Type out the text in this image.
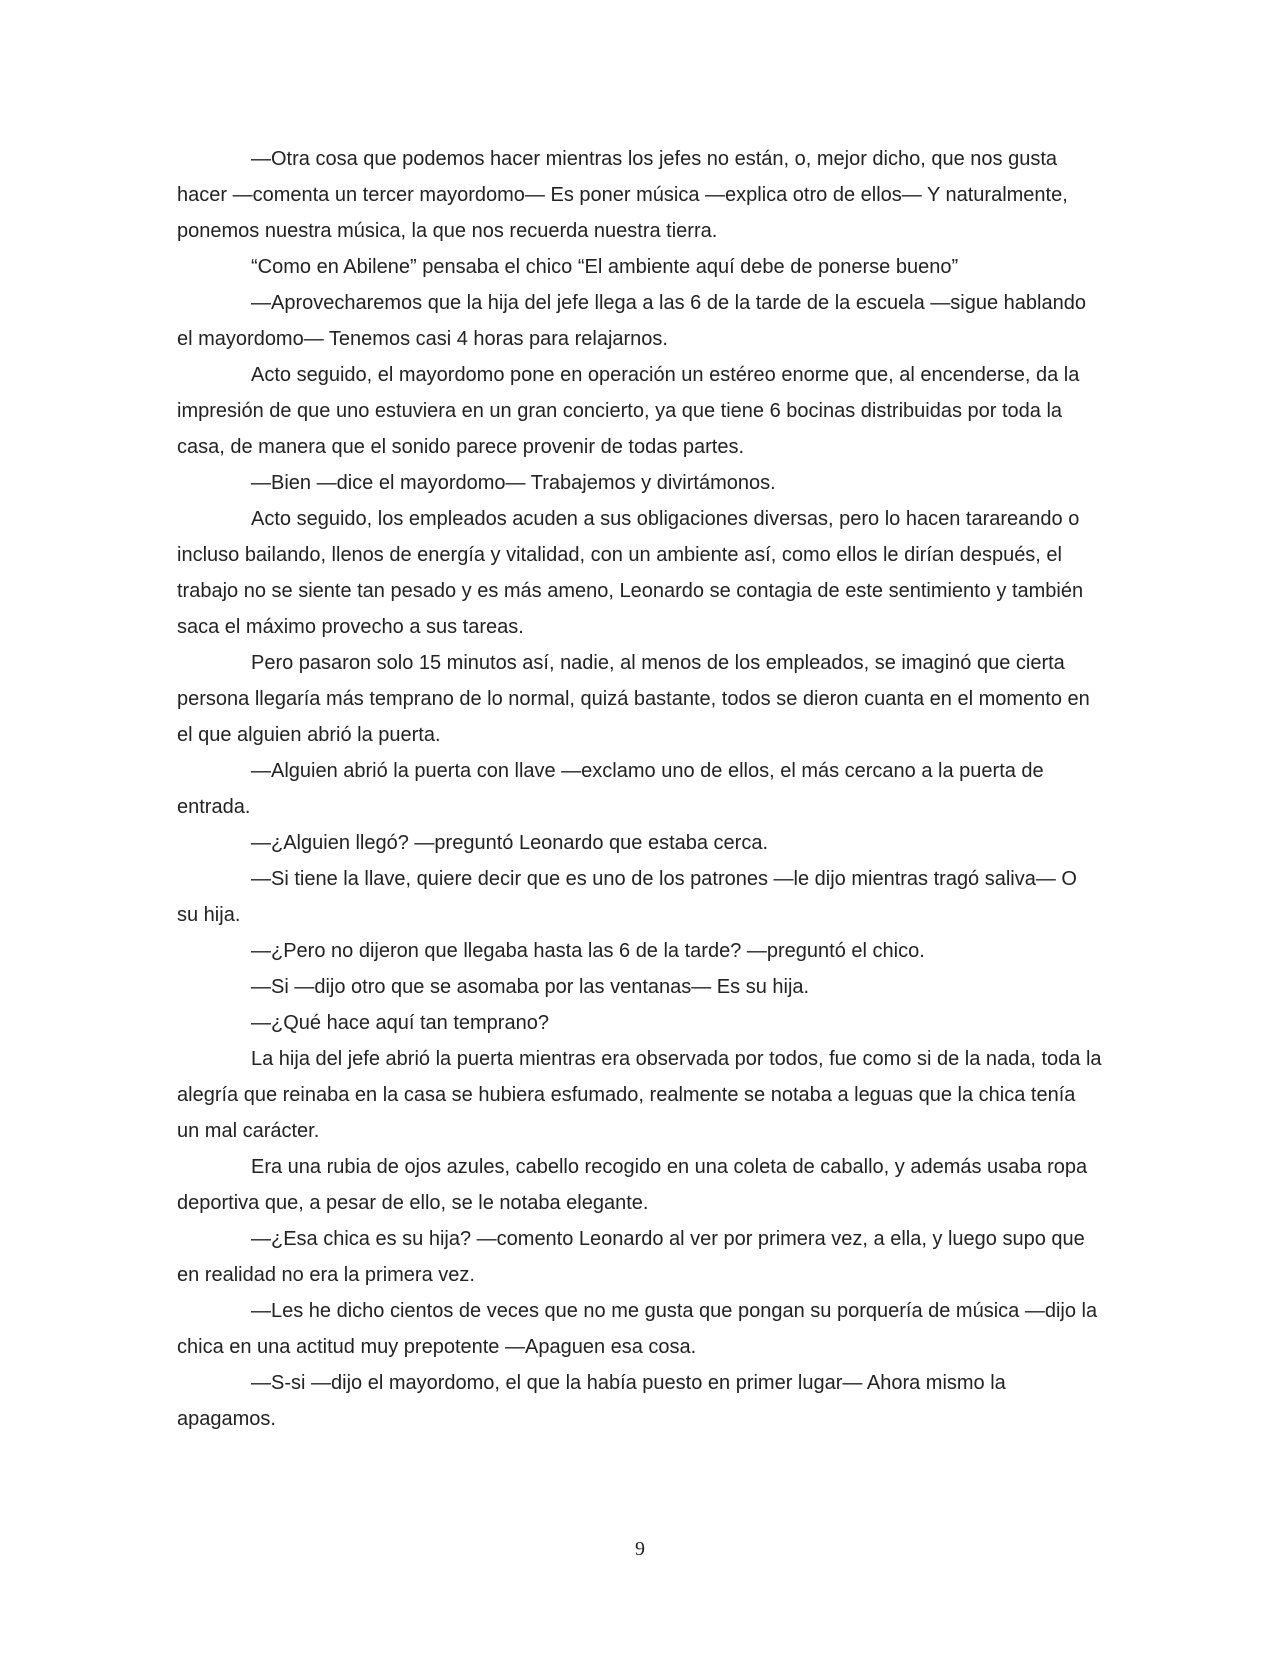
—Otra cosa que podemos hacer mientras los jefes no están, o, mejor dicho, que nos gusta hacer —comenta un tercer mayordomo— Es poner música —explica otro de ellos— Y naturalmente, ponemos nuestra música, la que nos recuerda nuestra tierra.

“Como en Abilene” pensaba el chico “El ambiente aquí debe de ponerse bueno”

—Aprovecharemos que la hija del jefe llega a las 6 de la tarde de la escuela —sigue hablando el mayordomo— Tenemos casi 4 horas para relajarnos.

Acto seguido, el mayordomo pone en operación un estéreo enorme que, al encenderse, da la impresión de que uno estuviera en un gran concierto, ya que tiene 6 bocinas distribuidas por toda la casa, de manera que el sonido parece provenir de todas partes.

—Bien —dice el mayordomo— Trabajemos y divirtámonos.

Acto seguido, los empleados acuden a sus obligaciones diversas, pero lo hacen tarareando o incluso bailando, llenos de energía y vitalidad, con un ambiente así, como ellos le dirían después, el trabajo no se siente tan pesado y es más ameno, Leonardo se contagia de este sentimiento y también saca el máximo provecho a sus tareas.

Pero pasaron solo 15 minutos así, nadie, al menos de los empleados, se imaginó que cierta persona llegaría más temprano de lo normal, quizá bastante, todos se dieron cuanta en el momento en el que alguien abrió la puerta.

—Alguien abrió la puerta con llave —exclamo uno de ellos, el más cercano a la puerta de entrada.

—¿Alguien llegó? —preguntó Leonardo que estaba cerca.

—Si tiene la llave, quiere decir que es uno de los patrones —le dijo mientras tragó saliva— O su hija.

—¿Pero no dijeron que llegaba hasta las 6 de la tarde? —preguntó el chico.

—Si —dijo otro que se asomaba por las ventanas— Es su hija.

—¿Qué hace aquí tan temprano?

La hija del jefe abrió la puerta mientras era observada por todos, fue como si de la nada, toda la alegría que reinaba en la casa se hubiera esfumado, realmente se notaba a leguas que la chica tenía un mal carácter.

Era una rubia de ojos azules, cabello recogido en una coleta de caballo, y además usaba ropa deportiva que, a pesar de ello, se le notaba elegante.

—¿Esa chica es su hija? —comento Leonardo al ver por primera vez, a ella, y luego supo que en realidad no era la primera vez.

—Les he dicho cientos de veces que no me gusta que pongan su porquería de música —dijo la chica en una actitud muy prepotente —Apaguen esa cosa.

—S-si —dijo el mayordomo, el que la había puesto en primer lugar— Ahora mismo la apagamos.

9
